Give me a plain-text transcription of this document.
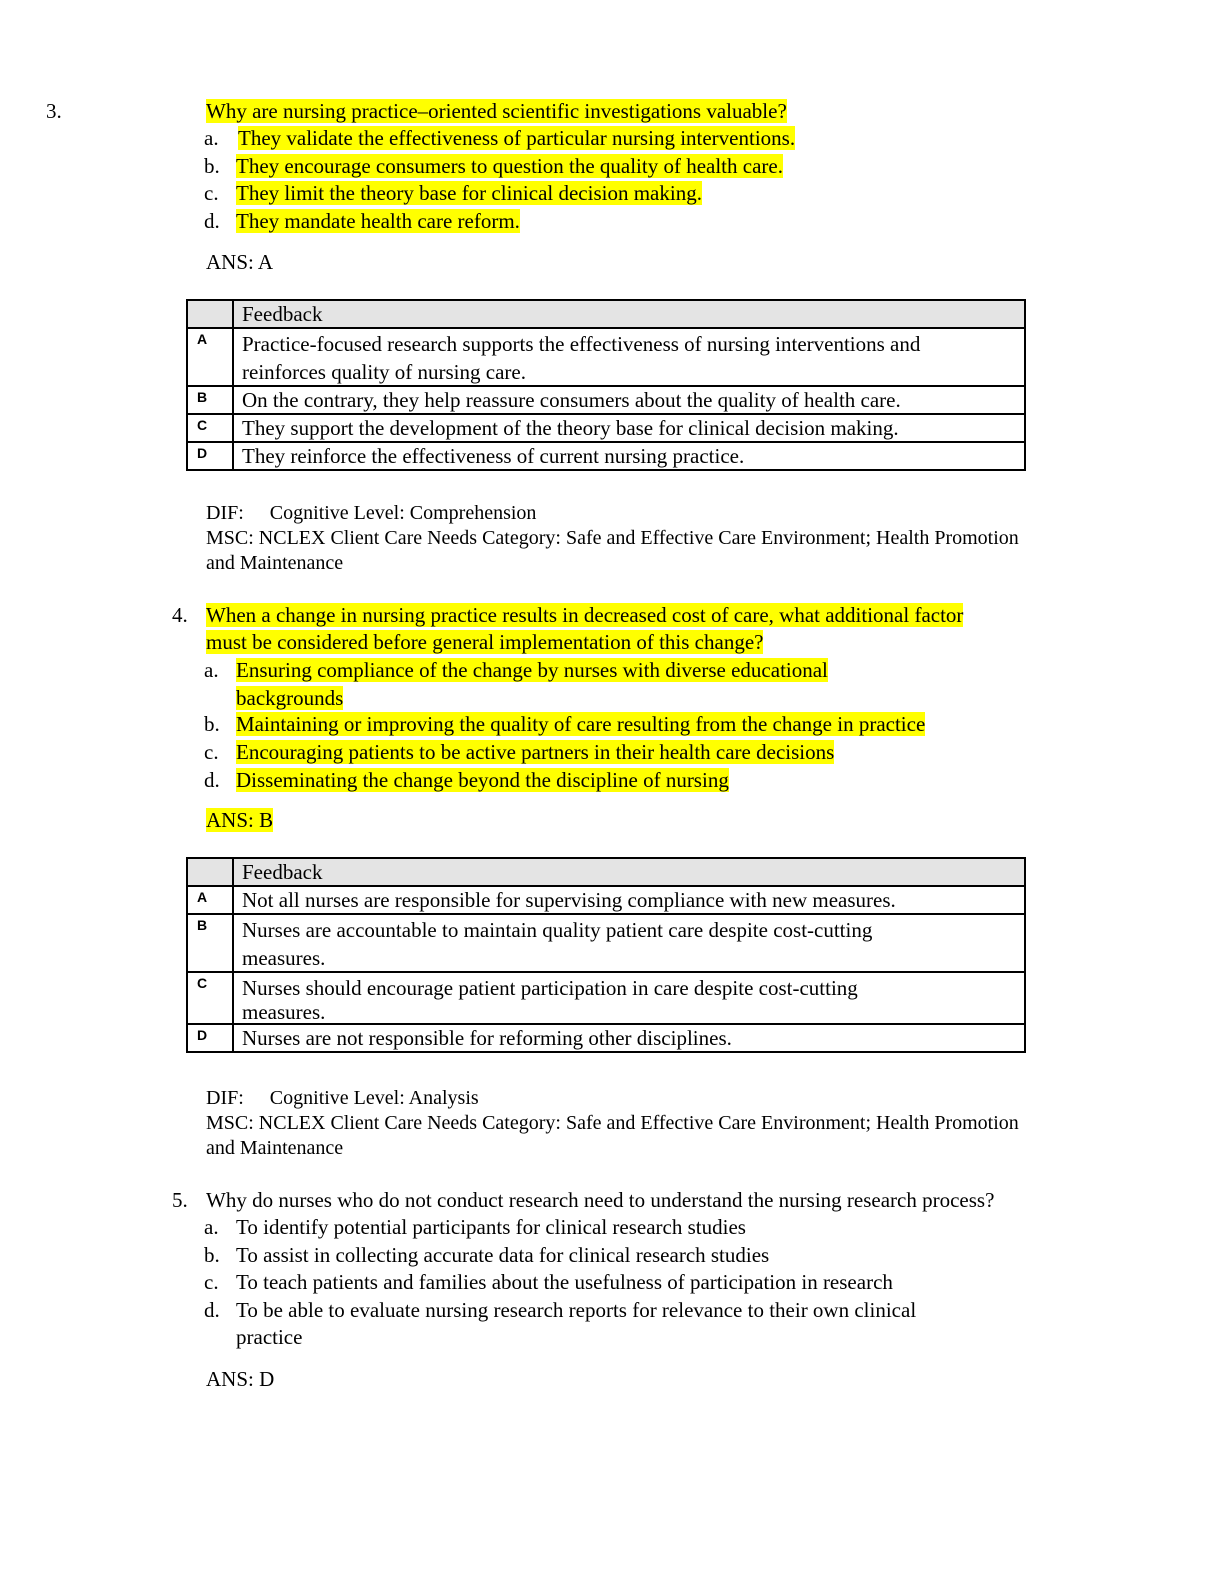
3.	Why are nursing practice–oriented scientific investigations valuable?
a. They validate the effectiveness of particular nursing interventions.
b. They encourage consumers to question the quality of health care.
c. They limit the theory base for clinical decision making.
d. They mandate health care reform.
ANS: A
	Feedback
A	Practice-focused research supports the effectiveness of nursing interventions and
reinforces quality of nursing care.

B	On the contrary, they help reassure consumers about the quality of health care.

C	They support the development of the theory base for clinical decision making.

D	They reinforce the effectiveness of current nursing practice.
DIF: Cognitive Level: Comprehension
MSC: NCLEX Client Care Needs Category: Safe and Effective Care Environment; Health Promotion
and Maintenance
4. When a change in nursing practice results in decreased cost of care, what additional factor
must be considered before general implementation of this change?
a. Ensuring compliance of the change by nurses with diverse educational
backgrounds
b. Maintaining or improving the quality of care resulting from the change in practice
c. Encouraging patients to be active partners in their health care decisions
d. Disseminating the change beyond the discipline of nursing
ANS: B
	Feedback
A	Not all nurses are responsible for supervising compliance with new measures.

B	Nurses are accountable to maintain quality patient care despite cost-cutting
measures.

C	Nurses should encourage patient participation in care despite cost-cutting
measures.

D	Nurses are not responsible for reforming other disciplines.
DIF: Cognitive Level: Analysis
MSC: NCLEX Client Care Needs Category: Safe and Effective Care Environment; Health Promotion
and Maintenance
5. Why do nurses who do not conduct research need to understand the nursing research process?
a. To identify potential participants for clinical research studies
b. To assist in collecting accurate data for clinical research studies
c. To teach patients and families about the usefulness of participation in research
d. To be able to evaluate nursing research reports for relevance to their own clinical
practice
ANS: D
